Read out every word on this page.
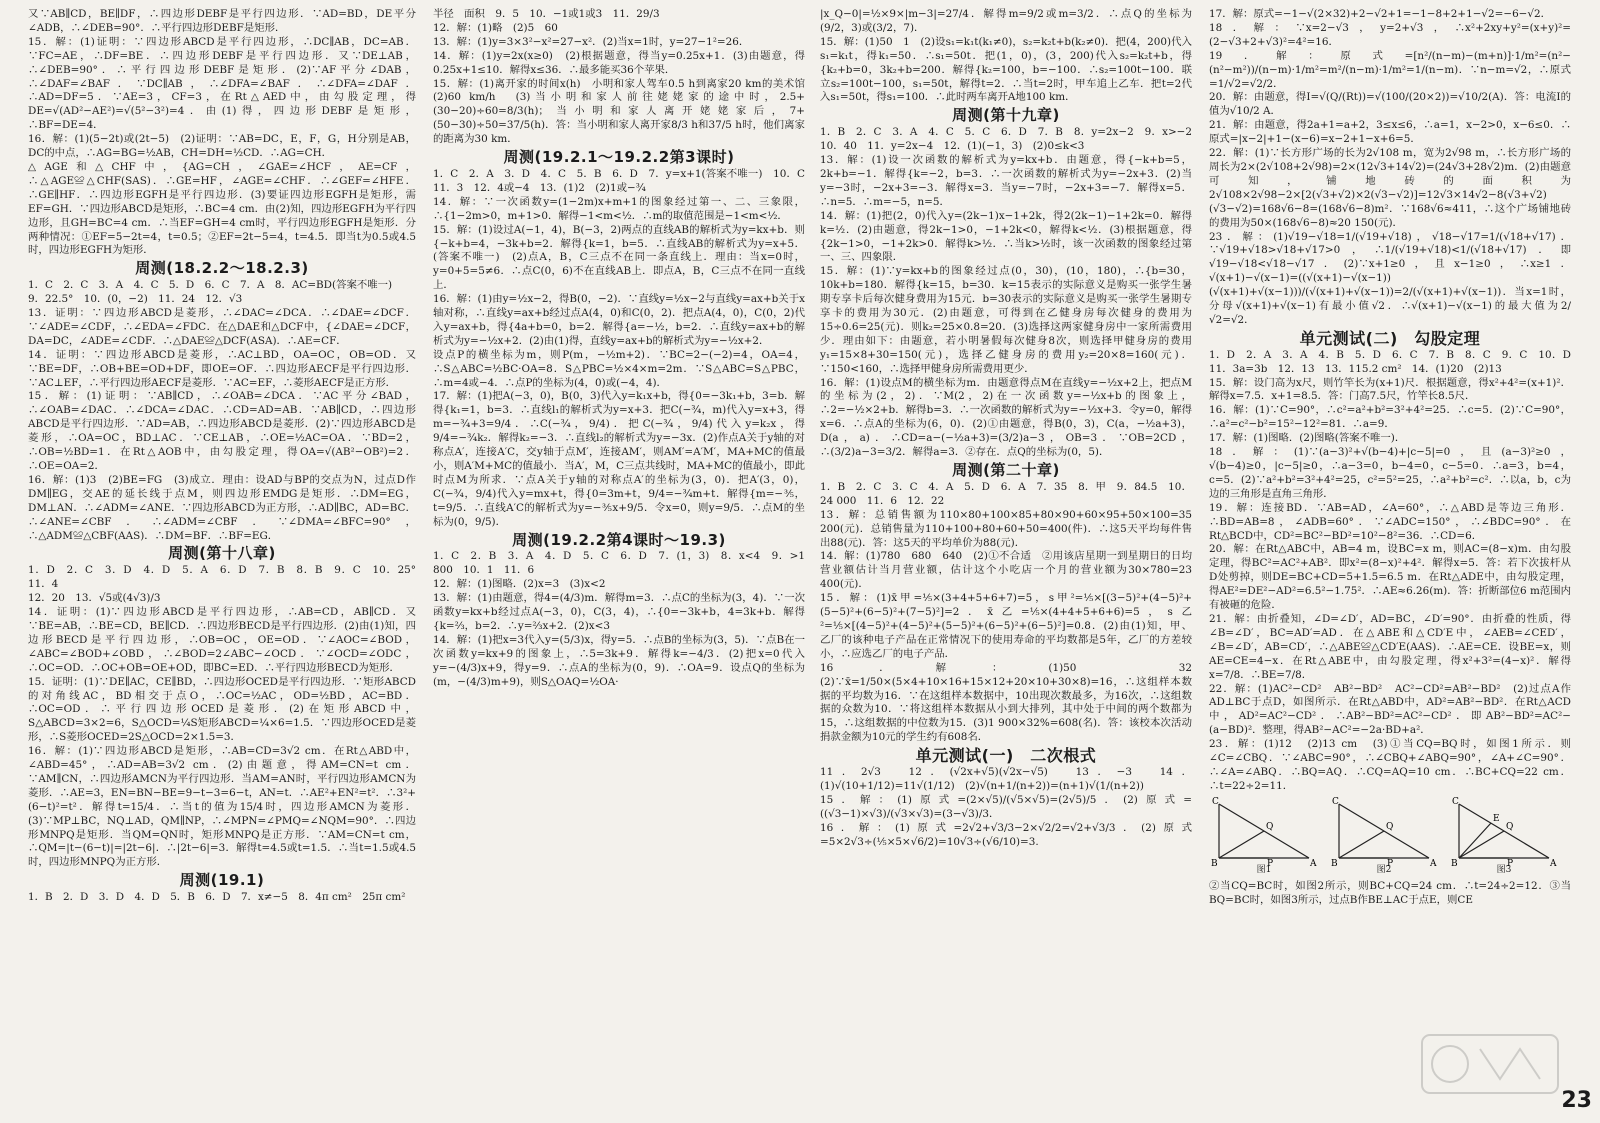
又∵AB∥CD，BE∥DF，∴四边形DEBF是平行四边形．∵AD=BD，DE平分∠ADB，∴∠DEB=90°．∴平行四边形DEBF是矩形．
15．解：(1)证明：∵四边形ABCD是平行四边形，∴DC∥AB，DC=AB．∵FC=AE，∴DF=BE．∴四边形DEBF是平行四边形．又∵DE⊥AB，∴∠DEB=90°．∴平行四边形DEBF是矩形．(2)∵AF平分∠DAB，∴∠DAF=∠BAF．∵DC∥AB，∴∠DFA=∠BAF．∴∠DFA=∠DAF．∴AD=DF=5．∵AE=3，CF=3，在Rt△AED中，由勾股定理，得DE=√(AD²−AE²)=√(5²−3²)=4．由(1)得，四边形DEBF是矩形，∴BF=DE=4．
16．解：(1)(5−2t)或(2t−5)　(2)证明：∵AB=DC，E，F，G，H分别是AB，DC的中点，∴AG=BG=½AB，CH=DH=½CD．∴AG=CH．
△AGE和△CHF中，{AG=CH，∠GAE=∠HCF，AE=CF，∴△AGE≌△CHF(SAS)．∴GE=HF，∠AGE=∠CHF．∴∠GEF=∠HFE．∴GE∥HF．∴四边形EGFH是平行四边形．(3)要证四边形EGFH是矩形，需EF=GH．∵四边形ABCD是矩形，∴BC=4 cm．由(2)知，四边形EGFH为平行四边形，且GH=BC=4 cm．∴当EF=GH=4 cm时，平行四边形EGFH是矩形．分两种情况：①EF=5−2t=4，t=0.5；②EF=2t−5=4，t=4.5．即当t为0.5或4.5时，四边形EGFH为矩形．
周测(18.2.2～18.2.3)
1．C　2．C　3．A　4．C　5．D　6．C　7．A　8．AC=BD(答案不唯一)
9．22.5°　10．(0，−2)　11．24　12．√3
13．证明：∵四边形ABCD是菱形，∴∠DAC=∠DCA．∴∠DAE=∠DCF．∵∠ADE=∠CDF，∴∠EDA=∠FDC．在△DAE和△DCF中，{∠DAE=∠DCF，DA=DC，∠ADE=∠CDF．∴△DAE≌△DCF(ASA)．∴AE=CF．
14．证明：∵四边形ABCD是菱形，∴AC⊥BD，OA=OC，OB=OD．又∵BE=DF，∴OB+BE=OD+DF，即OE=OF．∴四边形AECF是平行四边形．∵AC⊥EF，∴平行四边形AECF是菱形．∵AC=EF，∴菱形AECF是正方形．
15．解：(1)证明：∵AB∥CD，∴∠OAB=∠DCA．∵AC平分∠BAD，∴∠OAB=∠DAC．∴∠DCA=∠DAC．∴CD=AD=AB．∵AB∥CD，∴四边形ABCD是平行四边形．∵AD=AB，∴四边形ABCD是菱形．(2)∵四边形ABCD是菱形，∴OA=OC，BD⊥AC．∵CE⊥AB，∴OE=½AC=OA．∵BD=2，∴OB=½BD=1．在Rt△AOB中，由勾股定理，得OA=√(AB²−OB²)=2．∴OE=OA=2．
16．解：(1)3　(2)BE=FG　(3)成立．理由：设AD与BP的交点为N，过点D作DM∥EG，交AE的延长线于点M，则四边形EMDG是矩形．∴DM=EG，DM⊥AN．∴∠ADM=∠ANE．∵四边形ABCD为正方形，∴AD∥BC，AD=BC．∴∠ANE=∠CBF．∴∠ADM=∠CBF．∵∠DMA=∠BFC=90°，∴△ADM≌△CBF(AAS)．∴DM=BF．∴BF=EG．
周测(第十八章)
1．D　2．C　3．D　4．D　5．A　6．D　7．B　8．B　9．C　10．25°　11．4
12．20　13．√5或(4√3)/3
14．证明：(1)∵四边形ABCD是平行四边形，∴AB=CD，AB∥CD．又∵BE=AB，∴BE=CD，BE∥CD．∴四边形BECD是平行四边形．(2)由(1)知，四边形BECD是平行四边形，∴OB=OC，OE=OD．∵∠AOC=∠BOD，∠ABC=∠BOD+∠OBD，∴∠BOD=2∠ABC−∠OCD．∵∠OCD=∠ODC，∴OC=OD．∴OC+OB=OE+OD，即BC=ED．∴平行四边形BECD为矩形．
15．证明：(1)∵DE∥AC，CE∥BD，∴四边形OCED是平行四边形．∵矩形ABCD的对角线AC，BD相交于点O，∴OC=½AC，OD=½BD，AC=BD．∴OC=OD．∴平行四边形OCED是菱形．(2)在矩形ABCD中，S△ABCD=3×2=6，S△OCD=¼S矩形ABCD=¼×6=1.5．∵四边形OCED是菱形，∴S菱形OCED=2S△OCD=2×1.5=3．
16．解：(1)∵四边形ABCD是矩形，∴AB=CD=3√2 cm．在Rt△ABD中，∠ABD=45°，∴AD=AB=3√2 cm．(2)由题意，得AM=CN=t cm．∵AM∥CN，∴四边形AMCN为平行四边形．当AM=AN时，平行四边形AMCN为菱形．∴AE=3，EN=BN−BE=9−t−3=6−t，AN=t．∴AE²+EN²=t²．∴3²+(6−t)²=t²．解得t=15/4．∴当t的值为15/4时，四边形AMCN为菱形．(3)∵MP⊥BC，NQ⊥AD，QM∥NP，∴∠MPN=∠PMQ=∠NQM=90°．∴四边形MNPQ是矩形．当QM=QN时，矩形MNPQ是正方形．∵AM=CN=t cm，∴QM=|t−(6−t)|=|2t−6|．∴|2t−6|=3．解得t=4.5或t=1.5．∴当t=1.5或4.5时，四边形MNPQ为正方形．
周测(19.1)
1．B　2．D　3．D　4．D　5．B　6．D　7．x≠−5　8．4π cm²　25π cm²
半径　面积　9．5　10．−1或1或3　11．29/3
12．解：(1)略　(2)5　60
13．解：(1)y=3×3²−x²=27−x²．(2)当x=1时，y=27−1²=26．
14．解：(1)y=2x(x≥0)　(2)根据题意，得当y=0.25x+1．(3)由题意，得0.25x+1≤10．解得x≤36．∴最多能买36个苹果．
15．解：(1)离开家的时间x(h)　小明和家人驾车0.5 h到离家20 km的美术馆　(2)60 km/h　(3)当小明和家人前往姥姥家的途中时，2.5+(30−20)÷60=8/3(h)；当小明和家人离开姥姥家后，7+(50−30)÷50=37/5(h)．答：当小明和家人离开家8/3 h和37/5 h时，他们离家的距离为30 km．
周测(19.2.1～19.2.2第3课时)
1．C　2．A　3．D　4．C　5．B　6．D　7．y=x+1(答案不唯一)　10．C　11．3　12．4或−4　13．(1)2　(2)1或−¾
14．解：∵一次函数y=(1−2m)x+m+1的图象经过第一、二、三象限，∴{1−2m>0，m+1>0．解得−1<m<½．∴m的取值范围是−1<m<½．
15．解：(1)设过A(−1，4)，B(−3，2)两点的直线AB的解析式为y=kx+b．则{−k+b=4，−3k+b=2．解得{k=1，b=5．∴直线AB的解析式为y=x+5．(答案不唯一)　(2)点A，B，C三点不在同一条直线上．理由：当x=0时，y=0+5=5≠6．∴点C(0，6)不在直线AB上．即点A，B，C三点不在同一直线上．
16．解：(1)由y=½x−2，得B(0，−2)．∵直线y=½x−2与直线y=ax+b关于x轴对称，∴直线y=ax+b经过点A(4，0)和C(0，2)．把点A(4，0)，C(0，2)代入y=ax+b，得{4a+b=0，b=2．解得{a=−½，b=2．∴直线y=ax+b的解析式为y=−½x+2．(2)由(1)得，直线y=ax+b的解析式为y=−½x+2．
设点P的横坐标为m，则P(m，−½m+2)．∵BC=2−(−2)=4，OA=4，∴S△ABC=½BC·OA=8．S△PBC=½×4×m=2m．∵S△ABC=S△PBC，∴m=4或−4．∴点P的坐标为(4，0)或(−4，4)．
17．解：(1)把A(−3，0)，B(0，3)代入y=k₁x+b，得{0=−3k₁+b，3=b．解得{k₁=1，b=3．∴直线l₁的解析式为y=x+3．把C(−¾，m)代入y=x+3，得m=−¾+3=9/4．∴C(−¾，9/4)．把C(−¾，9/4)代入y=k₂x，得9/4=−¾k₂．解得k₂=−3．∴直线l₂的解析式为y=−3x．(2)作点A关于y轴的对称点A′，连接A′C，交y轴于点M′，连接AM′，则AM′=A′M′，MA+MC的值最小，则A′M+MC的值最小．当A′，M，C三点共线时，MA+MC的值最小，即此时点M为所求．∵点A关于y轴的对称点A′的坐标为(3，0)．把A′(3，0)，C(−¾，9/4)代入y=mx+t，得{0=3m+t，9/4=−¾m+t．解得{m=−⅗，t=9/5．∴直线A′C的解析式为y=−⅗x+9/5．令x=0，则y=9/5．∴点M的坐标为(0，9/5)．
周测(19.2.2第4课时～19.3)
1．C　2．B　3．A　4．D　5．C　6．D　7．(1，3)　8．x<4　9．>1 800　10．1　11．6
12．解：(1)图略．(2)x=3　(3)x<2
13．解：(1)由题意，得4=(4/3)m．解得m=3．∴点C的坐标为(3，4)．∵一次函数y=kx+b经过点A(−3，0)，C(3，4)，∴{0=−3k+b，4=3k+b．解得{k=⅔，b=2．∴y=⅔x+2．(2)x<3
14．解：(1)把x=3代入y=(5/3)x，得y=5．∴点B的坐标为(3，5)．∵点B在一次函数y=kx+9的图象上，∴5=3k+9．解得k=−4/3．(2)把x=0代入y=−(4/3)x+9，得y=9．∴点A的坐标为(0，9)．∴OA=9．设点Q的坐标为(m，−(4/3)m+9)，则S△OAQ=½OA·
|x_Q−0|=½×9×|m−3|=27/4．解得m=9/2或m=3/2．∴点Q的坐标为(9/2，3)或(3/2，7)．
15．解：(1)50　1　(2)设s₁=k₁t(k₁≠0)，s₂=k₂t+b(k₂≠0)．把(4，200)代入s₁=k₁t，得k₁=50．∴s₁=50t．把(1，0)，(3，200)代入s₂=k₂t+b，得{k₂+b=0，3k₂+b=200．解得{k₂=100，b=−100．∴s₂=100t−100．联立s₂=100t−100，s₁=50t，解得t=2．∴当t=2时，甲车追上乙车．把t=2代入s₁=50t，得s₁=100．∴此时两车离开A地100 km．
周测(第十九章)
1．B　2．C　3．A　4．C　5．C　6．D　7．B　8．y=2x−2　9．x>−2　10．40　11．y=2x−4　12．(1)(−1，3)　(2)0≤k<3
13．解：(1)设一次函数的解析式为y=kx+b．由题意，得{−k+b=5，2k+b=−1．解得{k=−2，b=3．∴一次函数的解析式为y=−2x+3．(2)当y=−3时，−2x+3=−3．解得x=3．当y=−7时，−2x+3=−7．解得x=5．∴n=5．∴m=−5，n=5．
14．解：(1)把(2，0)代入y=(2k−1)x−1+2k，得2(2k−1)−1+2k=0．解得k=½．(2)由题意，得2k−1>0，−1+2k<0，解得k<½．(3)根据题意，得{2k−1>0，−1+2k>0．解得k>½．∴当k>½时，该一次函数的图象经过第一、三、四象限．
15．解：(1)∵y=kx+b的图象经过点(0，30)，(10，180)，∴{b=30，10k+b=180．解得{k=15，b=30．k=15表示的实际意义是购买一张学生暑期专享卡后每次健身费用为15元．b=30表示的实际意义是购买一张学生暑期专享卡的费用为30元．(2)由题意，可得到在乙健身房每次健身的费用为15÷0.6=25(元)．则k₂=25×0.8=20．(3)选择这两家健身房中一家所需费用少．理由如下：由题意，若小明暑假每次健身8次，则选择甲健身房的费用y₁=15×8+30=150(元)，选择乙健身房的费用y₂=20×8=160(元)．∵150<160，∴选择甲健身房所需费用更少．
16．解：(1)设点M的横坐标为m．由题意得点M在直线y=−½x+2上，把点M的坐标为(2，2)．∵M(2，2)在一次函数y=−½x+b的图象上，∴2=−½×2+b．解得b=3．∴一次函数的解析式为y=−½x+3．令y=0，解得x=6．∴点A的坐标为(6，0)．(2)①由题意，得B(0，3)，C(a，−½a+3)，D(a，a)．∴CD=a−(−½a+3)=(3/2)a−3，OB=3．∵OB=2CD，∴(3/2)a−3=3/2．解得a=3．②存在．点Q的坐标为(0，5)．
周测(第二十章)
1．B　2．C　3．C　4．A　5．D　6．A　7．35　8．甲　9．84.5　10．24 000　11．6　12．22
13．解：总销售额为110×80+100×85+80×90+60×95+50×100=35 200(元)．总销售量为110+100+80+60+50=400(件)．∴这5天平均每件售出88(元)．答：这5天的平均单价为88(元)．
14．解：(1)780　680　640　(2)①不合适　②用该店星期一到星期日的日均营业额估计当月营业额，估计这个小吃店一个月的营业额为30×780=23 400(元)．
15．解：(1)x̄甲=⅕×(3+4+5+6+7)=5，s甲²=⅕×[(3−5)²+(4−5)²+(5−5)²+(6−5)²+(7−5)²]=2．x̄乙=⅕×(4+4+5+6+6)=5，s乙²=⅕×[(4−5)²+(4−5)²+(5−5)²+(6−5)²+(6−5)²]=0.8．(2)由(1)知，甲、乙厂的该种电子产品在正常情况下的使用寿命的平均数都是5年，乙厂的方差较小，∴应选乙厂的电子产品．
16．解：(1)50　32　(2)∵x̄=1/50×(5×4+10×16+15×12+20×10+30×8)=16，∴这组样本数据的平均数为16．∵在这组样本数据中，10出现次数最多，为16次，∴这组数据的众数为10．∵将这组样本数据从小到大排列，其中处于中间的两个数都为15，∴这组数据的中位数为15．(3)1 900×32%=608(名)．答：该校本次活动捐款金额为10元的学生约有608名．
单元测试(一)　二次根式
11．2√3　12．(√2x+√5)(√2x−√5)　13．−3　14．(1)√(10+1/12)=11√(1/12)　(2)√(n+1/(n+2))=(n+1)√(1/(n+2))
15．解：(1)原式=(2×√5)/(√5×√5)=(2√5)/5．(2)原式=((√3−1)×√3)/(√3×√3)=(3−√3)/3．
16．解：(1)原式=2√2+√3/3−2×√2/2=√2+√3/3．(2)原式=5×2√3÷(⅕×5×√6/2)=10√3÷(√6/10)=3.
17．解：原式=−1−√(2×32)+2−√2+1=−1−8+2+1−√2=−6−√2．
18．解：∵x=2−√3，y=2+√3，∴x²+2xy+y²=(x+y)²=(2−√3+2+√3)²=4²=16．
19．解：原式=[n²/(n−m)−(m+n)]·1/m²=(n²−(n²−m²))/(n−m)·1/m²=m²/(n−m)·1/m²=1/(n−m)．∵n−m=√2，∴原式=1/√2=√2/2．
20．解：由题意，得I=√(Q/(Rt))=√(100/(20×2))=√10/2(A)．答：电流I的值为√10/2 A．
21．解：由题意，得2a+1=a+2，3≤x≤6，∴a=1，x−2>0，x−6≤0．∴原式=|x−2|+1−(x−6)=x−2+1−x+6=5．
22．解：(1)∵长方形广场的长为2√108 m，宽为2√98 m，∴长方形广场的周长为2×(2√108+2√98)=2×(12√3+14√2)=(24√3+28√2)m．(2)由题意可知，铺地砖的面积为2√108×2√98−2×[2(√3+√2)×2(√3−√2)]=12√3×14√2−8(√3+√2)(√3−√2)=168√6−8=(168√6−8)m²．∵168√6≈411，∴这个广场铺地砖的费用为50×(168√6−8)≈20 150(元)．
23．解：(1)√19−√18=1/(√19+√18)，√18−√17=1/(√18+√17)．∵√19+√18>√18+√17>0，∴1/(√19+√18)<1/(√18+√17)．即√19−√18<√18−√17．(2)∵x+1≥0，且x−1≥0，∴x≥1．√(x+1)−√(x−1)=((√(x+1)−√(x−1))(√(x+1)+√(x−1)))/(√(x+1)+√(x−1))=2/(√(x+1)+√(x−1))．当x=1时，分母√(x+1)+√(x−1)有最小值√2．∴√(x+1)−√(x−1)的最大值为2/√2=√2．
单元测试(二)　勾股定理
1．D　2．A　3．A　4．B　5．D　6．C　7．B　8．C　9．C　10．D　11．3a=3b　12．13　13．115.2 cm²　14．(1)20　(2)13
15．解：设门高为x尺，则竹竿长为(x+1)尺．根据题意，得x²+4²=(x+1)²．解得x=7.5．x+1=8.5．答：门高7.5尺，竹竿长8.5尺．
16．解：(1)∵C=90°，∴c²=a²+b²=3²+4²=25．∴c=5．(2)∵C=90°，∴a²=c²−b²=15²−12²=81．∴a=9．
17．解：(1)图略．(2)图略(答案不唯一)．
18．解：(1)∵(a−3)²+√(b−4)+|c−5|=0，且(a−3)²≥0，√(b−4)≥0，|c−5|≥0，∴a−3=0，b−4=0，c−5=0．∴a=3，b=4，c=5．(2)∵a²+b²=3²+4²=25，c²=5²=25，∴a²+b²=c²．∴以a，b，c为边的三角形是直角三角形．
19．解：连接BD．∵AB=AD，∠A=60°，∴△ABD是等边三角形．∴BD=AB=8，∠ADB=60°．∵∠ADC=150°，∴∠BDC=90°．在Rt△BCD中，CD²=BC²−BD²=10²−8²=36．∴CD=6．
20．解：在Rt△ABC中，AB=4 m，设BC=x m，则AC=(8−x)m．由勾股定理，得BC²=AC²+AB²．即x²=(8−x)²+4²．解得x=5．答：若下次拔杆从D处剪掉，则DE=BC+CD=5+1.5=6.5 m．在Rt△ADE中，由勾股定理，得AE²=DE²−AD²=6.5²−1.75²．∴AE≈6.26(m)．答：折断部位6 m范围内有被砸的危险．
21．解：由折叠知，∠D=∠D′，AD=BC，∠D′=90°．由折叠的性质，得∠B=∠D′，BC=AD′=AD．在△ABE和△CD′E中，∠AEB=∠CED′，∠B=∠D′，AB=CD′，∴△ABE≌△CD′E(AAS)．∴AE=CE．设BE=x，则AE=CE=4−x．在Rt△ABE中，由勾股定理，得x²+3²=(4−x)²．解得x=7/8．∴BE=7/8．
22．解：(1)AC²−CD²　AB²−BD²　AC²−CD²=AB²−BD²　(2)过点A作AD⊥BC于点D，如图所示．在Rt△ABD中，AD²=AB²−BD²．在Rt△ACD中，AD²=AC²−CD²．∴AB²−BD²=AC²−CD²．即AB²−BD²=AC²−(a−BD)²．整理，得AB²−AC²=−2a·BD+a²．
23．解：(1)12　(2)13 cm　(3)①当CQ=BQ时，如图1所示．则∠C=∠CBQ．∵∠ABC=90°，∴∠CBQ+∠ABQ=90°，∠A+∠C=90°．∴∠A=∠ABQ．∴BQ=AQ．∴CQ=AQ=10 cm．∴BC+CQ=22 cm．∴t=22÷2=11．
C
B	P	A
Q
图1
C
B	P	A
Q
图2
C
E
B	P	A
Q
图3
②当CQ=BC时，如图2所示，则BC+CQ=24 cm．∴t=24÷2=12．③当BQ=BC时，如图3所示，过点B作BE⊥AC于点E，则CE
23
